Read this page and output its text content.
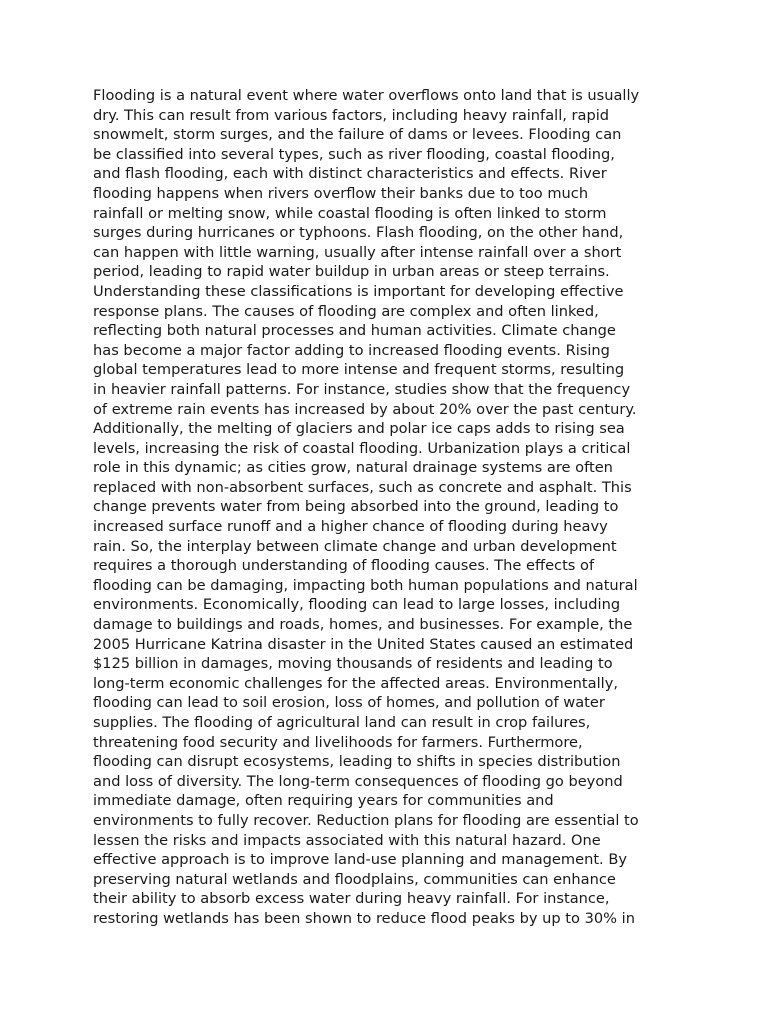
Flooding is a natural event where water overflows onto land that is usually
dry. This can result from various factors, including heavy rainfall, rapid
snowmelt, storm surges, and the failure of dams or levees. Flooding can
be classified into several types, such as river flooding, coastal flooding,
and flash flooding, each with distinct characteristics and effects. River
flooding happens when rivers overflow their banks due to too much
rainfall or melting snow, while coastal flooding is often linked to storm
surges during hurricanes or typhoons. Flash flooding, on the other hand,
can happen with little warning, usually after intense rainfall over a short
period, leading to rapid water buildup in urban areas or steep terrains.
Understanding these classifications is important for developing effective
response plans. The causes of flooding are complex and often linked,
reflecting both natural processes and human activities. Climate change
has become a major factor adding to increased flooding events. Rising
global temperatures lead to more intense and frequent storms, resulting
in heavier rainfall patterns. For instance, studies show that the frequency
of extreme rain events has increased by about 20% over the past century.
Additionally, the melting of glaciers and polar ice caps adds to rising sea
levels, increasing the risk of coastal flooding. Urbanization plays a critical
role in this dynamic; as cities grow, natural drainage systems are often
replaced with non-absorbent surfaces, such as concrete and asphalt. This
change prevents water from being absorbed into the ground, leading to
increased surface runoff and a higher chance of flooding during heavy
rain. So, the interplay between climate change and urban development
requires a thorough understanding of flooding causes. The effects of
flooding can be damaging, impacting both human populations and natural
environments. Economically, flooding can lead to large losses, including
damage to buildings and roads, homes, and businesses. For example, the
2005 Hurricane Katrina disaster in the United States caused an estimated
$125 billion in damages, moving thousands of residents and leading to
long-term economic challenges for the affected areas. Environmentally,
flooding can lead to soil erosion, loss of homes, and pollution of water
supplies. The flooding of agricultural land can result in crop failures,
threatening food security and livelihoods for farmers. Furthermore,
flooding can disrupt ecosystems, leading to shifts in species distribution
and loss of diversity. The long-term consequences of flooding go beyond
immediate damage, often requiring years for communities and
environments to fully recover. Reduction plans for flooding are essential to
lessen the risks and impacts associated with this natural hazard. One
effective approach is to improve land-use planning and management. By
preserving natural wetlands and floodplains, communities can enhance
their ability to absorb excess water during heavy rainfall. For instance,
restoring wetlands has been shown to reduce flood peaks by up to 30% in
